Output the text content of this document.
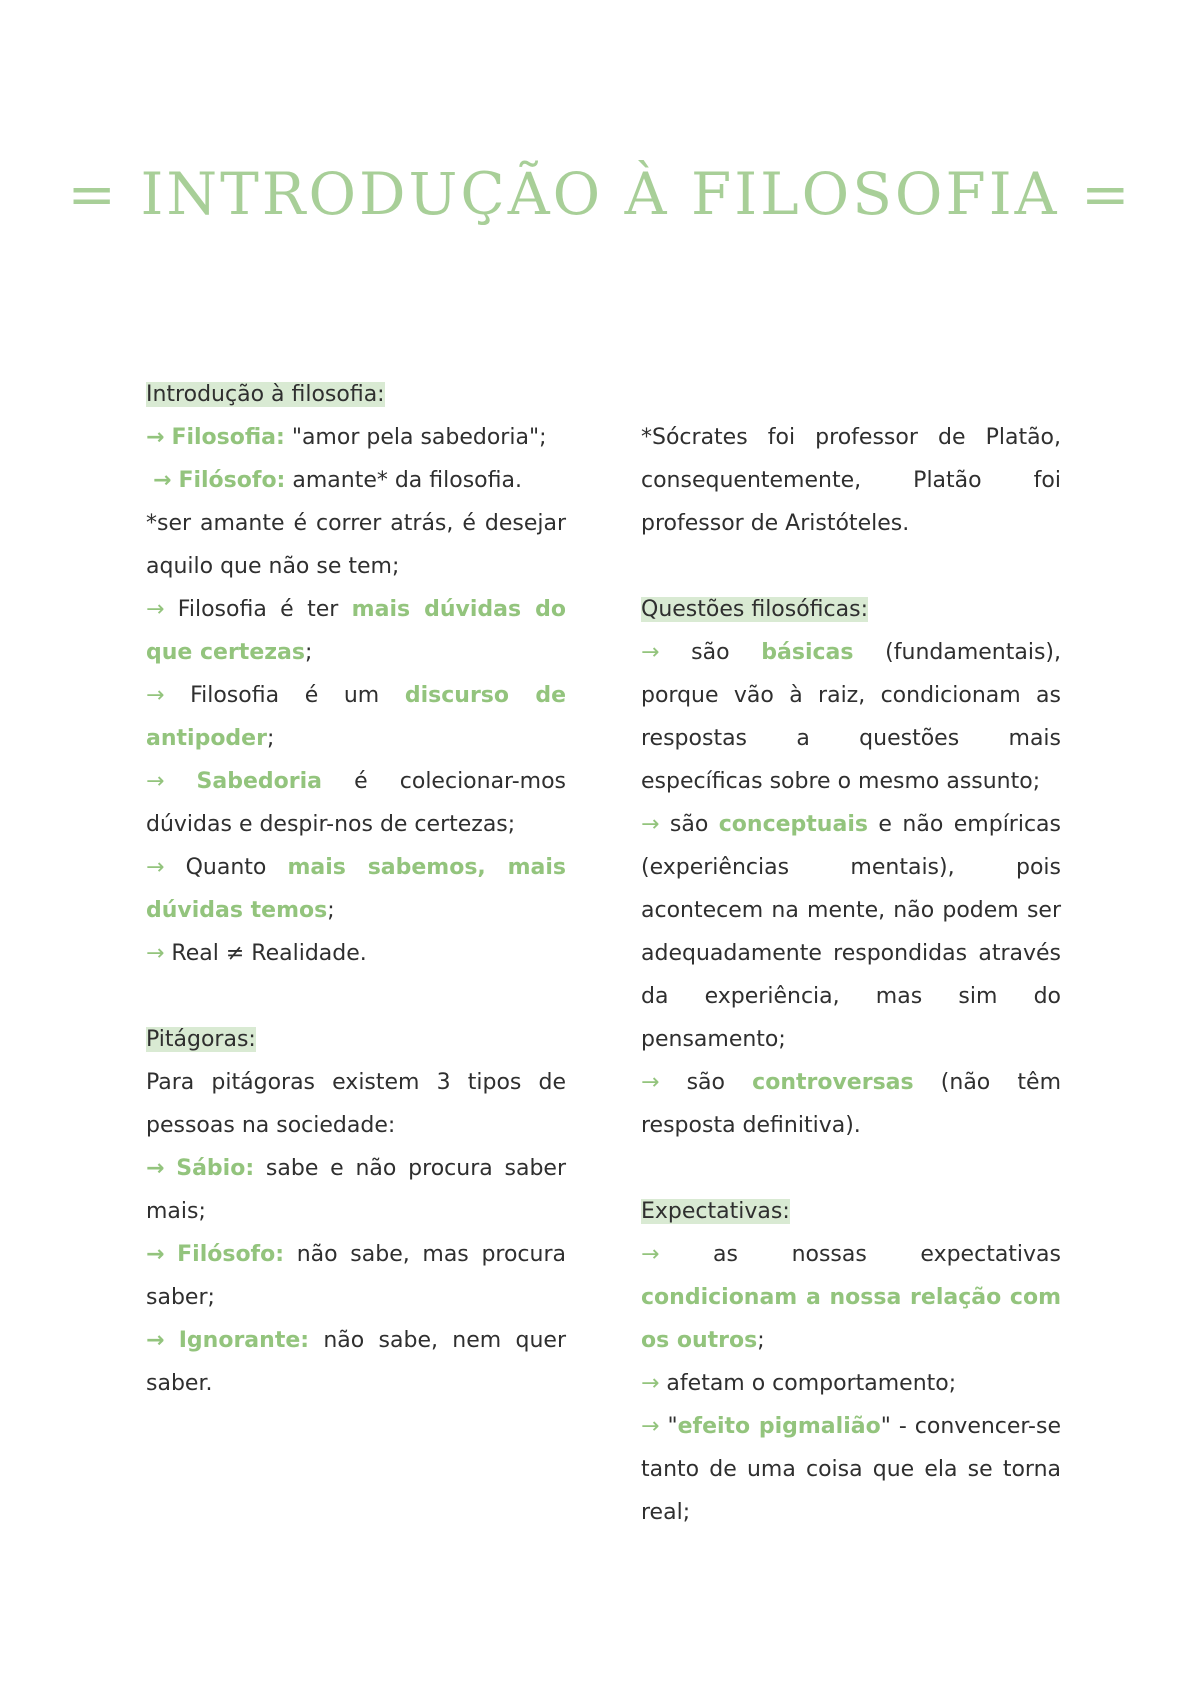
= INTRODUÇÃO À FILOSOFIA =

Introdução à filosofia:

→ Filosofia: "amor pela sabedoria";

→ Filósofo: amante* da filosofia.

*ser amante é correr atrás, é desejar aquilo que não se tem;

→ Filosofia é ter mais dúvidas do que certezas;

→ Filosofia é um discurso de antipoder;

→ Sabedoria é colecionar-mos dúvidas e despir-nos de certezas;

→ Quanto mais sabemos, mais dúvidas temos;

→ Real ≠ Realidade.

Pitágoras:

Para pitágoras existem 3 tipos de pessoas na sociedade:

→ Sábio: sabe e não procura saber mais;

→ Filósofo: não sabe, mas procura saber;

→ Ignorante: não sabe, nem quer saber.

*Sócrates foi professor de Platão, consequentemente, Platão foi professor de Aristóteles.

Questões filosóficas:

→ são básicas (fundamentais), porque vão à raiz, condicionam as respostas a questões mais específicas sobre o mesmo assunto;

→ são conceptuais e não empíricas (experiências mentais), pois acontecem na mente, não podem ser adequadamente respondidas através da experiência, mas sim do pensamento;

→ são controversas (não têm resposta definitiva).

Expectativas:

→ as nossas expectativas condicionam a nossa relação com os outros;

→ afetam o comportamento;

→ "efeito pigmalião" - convencer-se tanto de uma coisa que ela se torna real;
